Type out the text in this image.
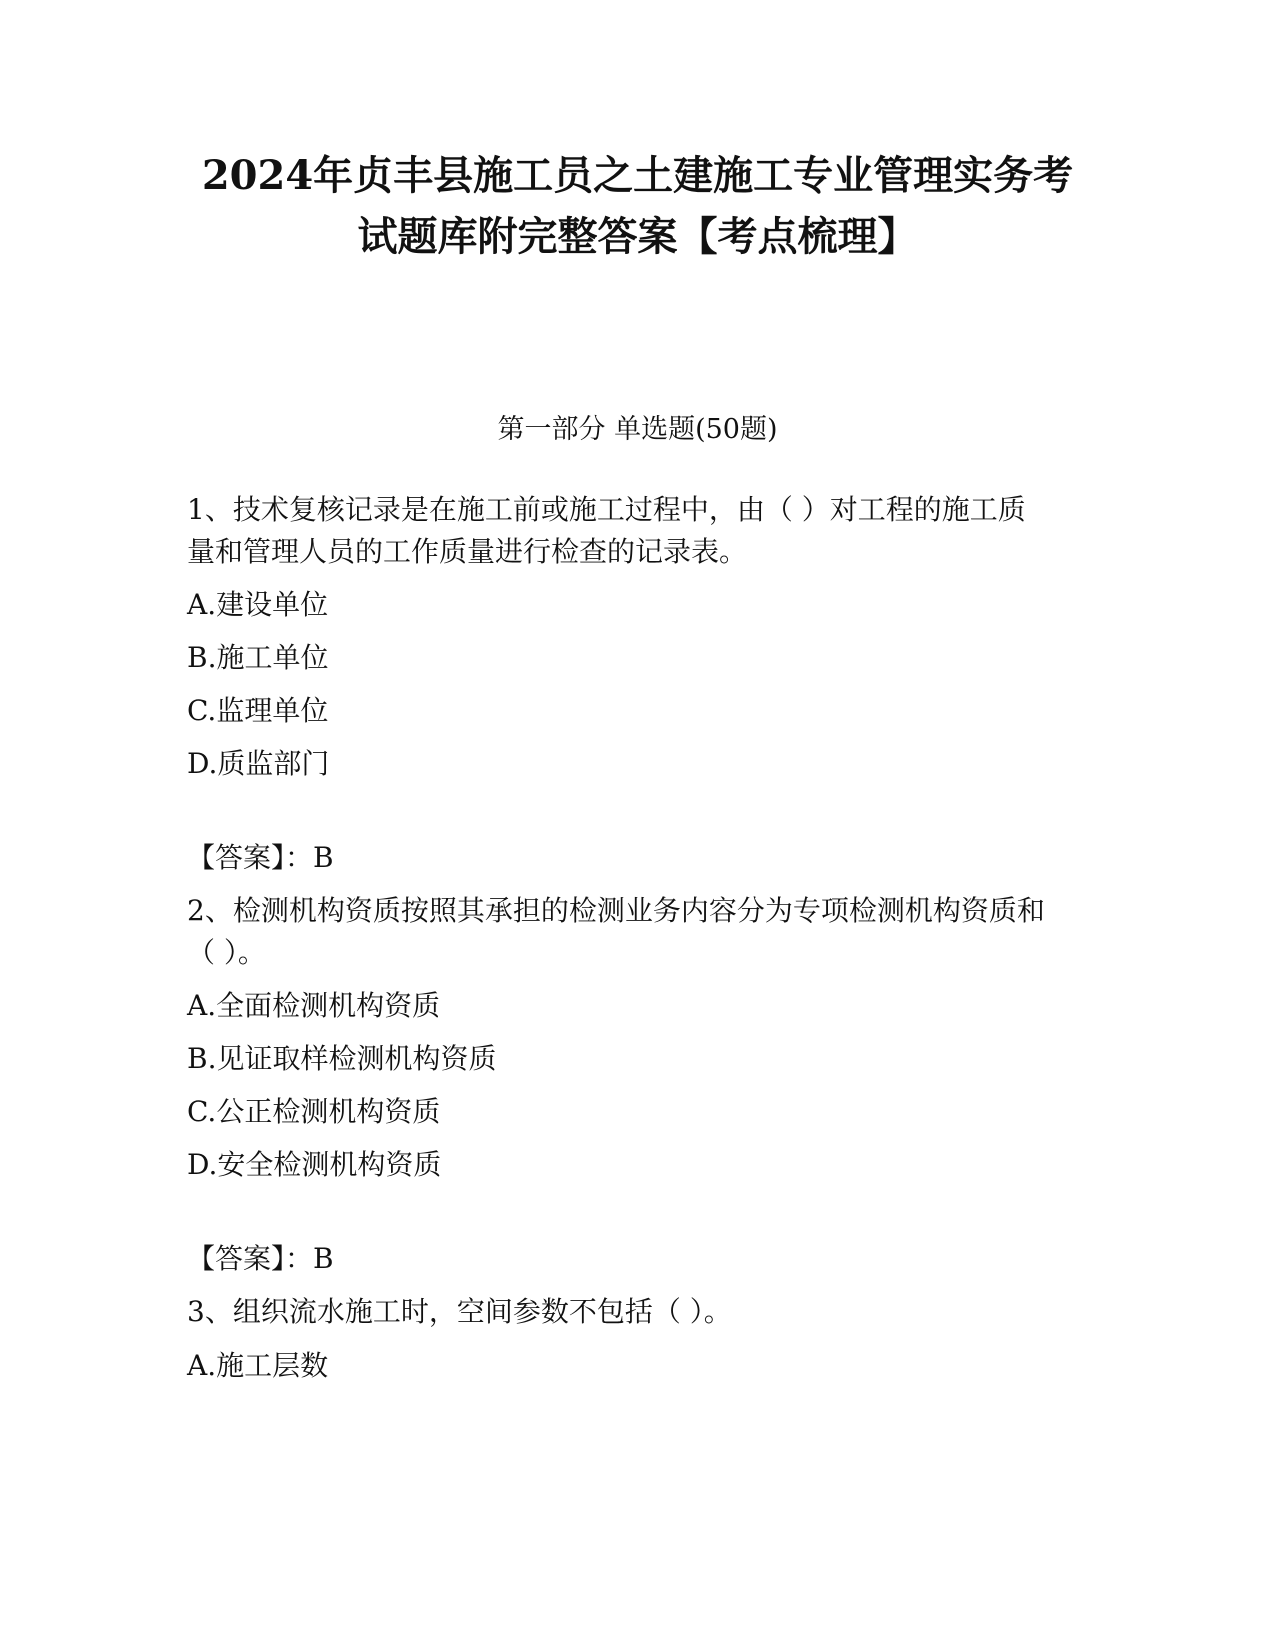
2024年贞丰县施工员之土建施工专业管理实务考
试题库附完整答案【考点梳理】
第一部分 单选题(50题)
1、技术复核记录是在施工前或施工过程中，由（ ）对工程的施工质
量和管理人员的工作质量进行检查的记录表。
A.建设单位
B.施工单位
C.监理单位
D.质监部门
【答案】：B
2、检测机构资质按照其承担的检测业务内容分为专项检测机构资质和
（ ）。
A.全面检测机构资质
B.见证取样检测机构资质
C.公正检测机构资质
D.安全检测机构资质
【答案】：B
3、组织流水施工时，空间参数不包括（ ）。
A.施工层数
